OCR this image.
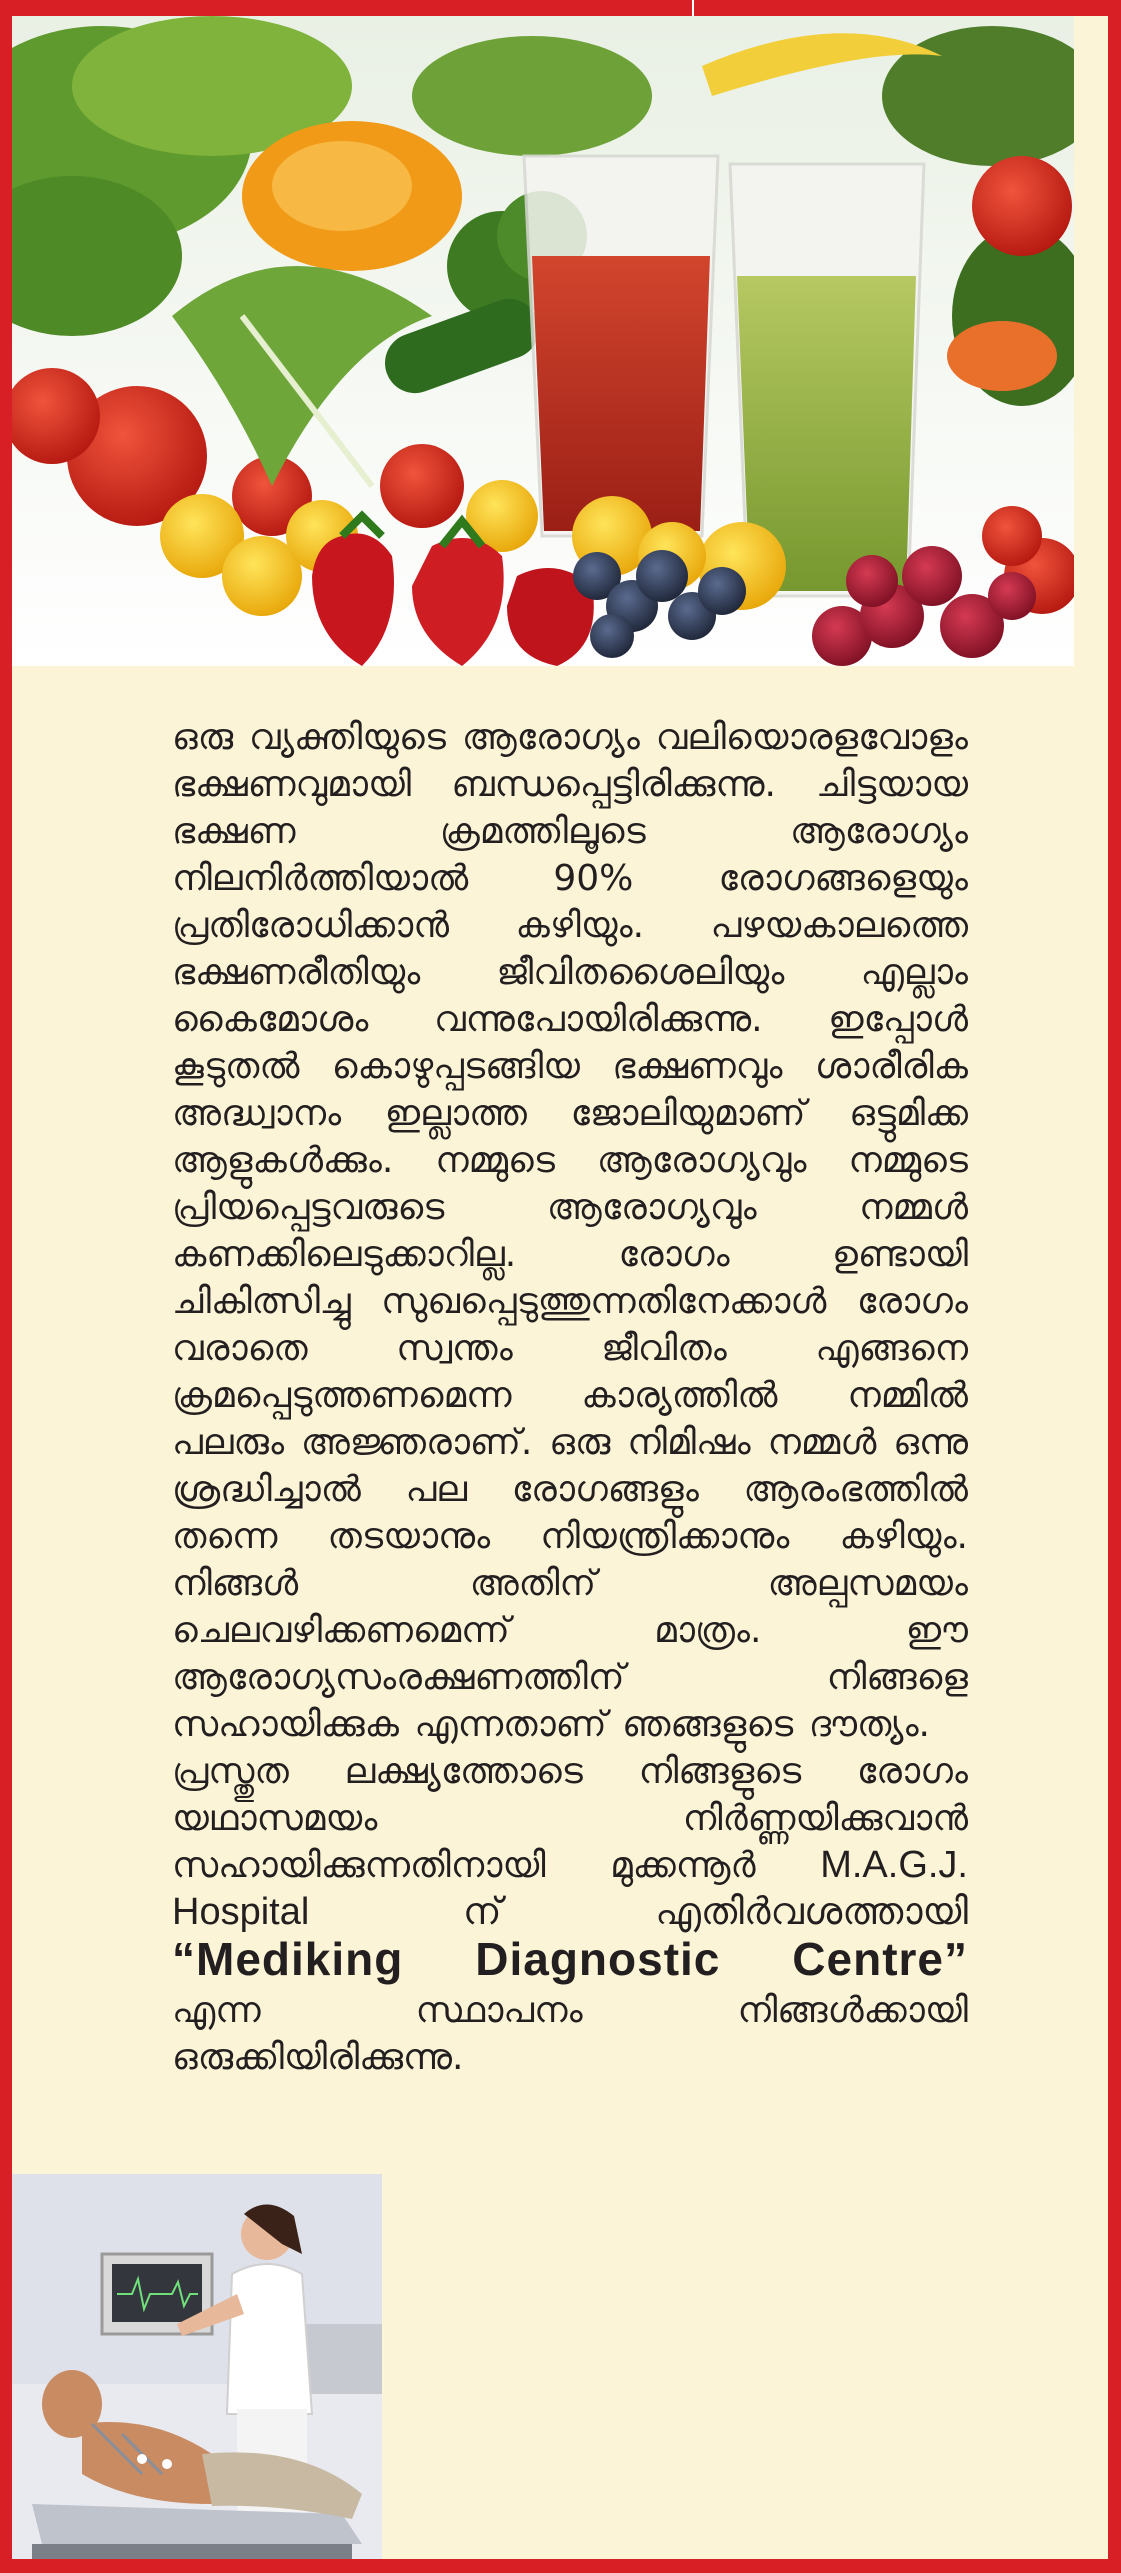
ഒരു വ്യക്തിയുടെ ആരോഗ്യം വലിയൊരളവോളം ഭക്ഷണവുമായി ബന്ധപ്പെട്ടിരിക്കുന്നു. ചിട്ടയായ ഭക്ഷണ ക്രമത്തിലൂടെ ആരോഗ്യം നിലനിർത്തിയാൽ 90% രോഗങ്ങളെയും പ്രതിരോധിക്കാൻ കഴിയും. പഴയകാലത്തെ ഭക്ഷണരീതിയും ജീവിതശൈലിയും എല്ലാം കൈമോശം വന്നുപോയിരിക്കുന്നു. ഇപ്പോൾ കൂടുതൽ കൊഴുപ്പടങ്ങിയ ഭക്ഷണവും ശാരീരിക അദ്ധ്വാനം ഇല്ലാത്ത ജോലിയുമാണ് ഒട്ടുമിക്ക ആളുകൾക്കും. നമ്മുടെ ആരോഗ്യവും നമ്മുടെ പ്രിയപ്പെട്ടവരുടെ ആരോഗ്യവും നമ്മൾ കണക്കിലെടുക്കാറില്ല. രോഗം ഉണ്ടായി ചികിത്സിച്ചു സുഖപ്പെടുത്തുന്നതിനേക്കാൾ രോഗം വരാതെ സ്വന്തം ജീവിതം എങ്ങനെ ക്രമപ്പെടുത്തണമെന്ന കാര്യത്തിൽ നമ്മിൽ പലരും അജ്ഞരാണ്. ഒരു നിമിഷം നമ്മൾ ഒന്നു ശ്രദ്ധിച്ചാൽ പല രോഗങ്ങളും ആരംഭത്തിൽ തന്നെ തടയാനും നിയന്ത്രിക്കാനും കഴിയും. നിങ്ങൾ അതിന് അല്പസമയം ചെലവഴിക്കണമെന്ന് മാത്രം. ഈ ആരോഗ്യസംരക്ഷണത്തിന് നിങ്ങളെ സഹായിക്കുക എന്നതാണ് ഞങ്ങളുടെ ദൗത്യം.

പ്രസ്തുത ലക്ഷ്യത്തോടെ നിങ്ങളുടെ രോഗം യഥാസമയം നിർണ്ണയിക്കുവാൻ സഹായിക്കുന്നതിനായി മുക്കന്നൂർ M.A.G.J. Hospital	ന് എതിർവശത്തായി “Mediking Diagnostic Centre” എന്ന സ്ഥാപനം നിങ്ങൾക്കായി ഒരുക്കിയിരിക്കുന്നു.
